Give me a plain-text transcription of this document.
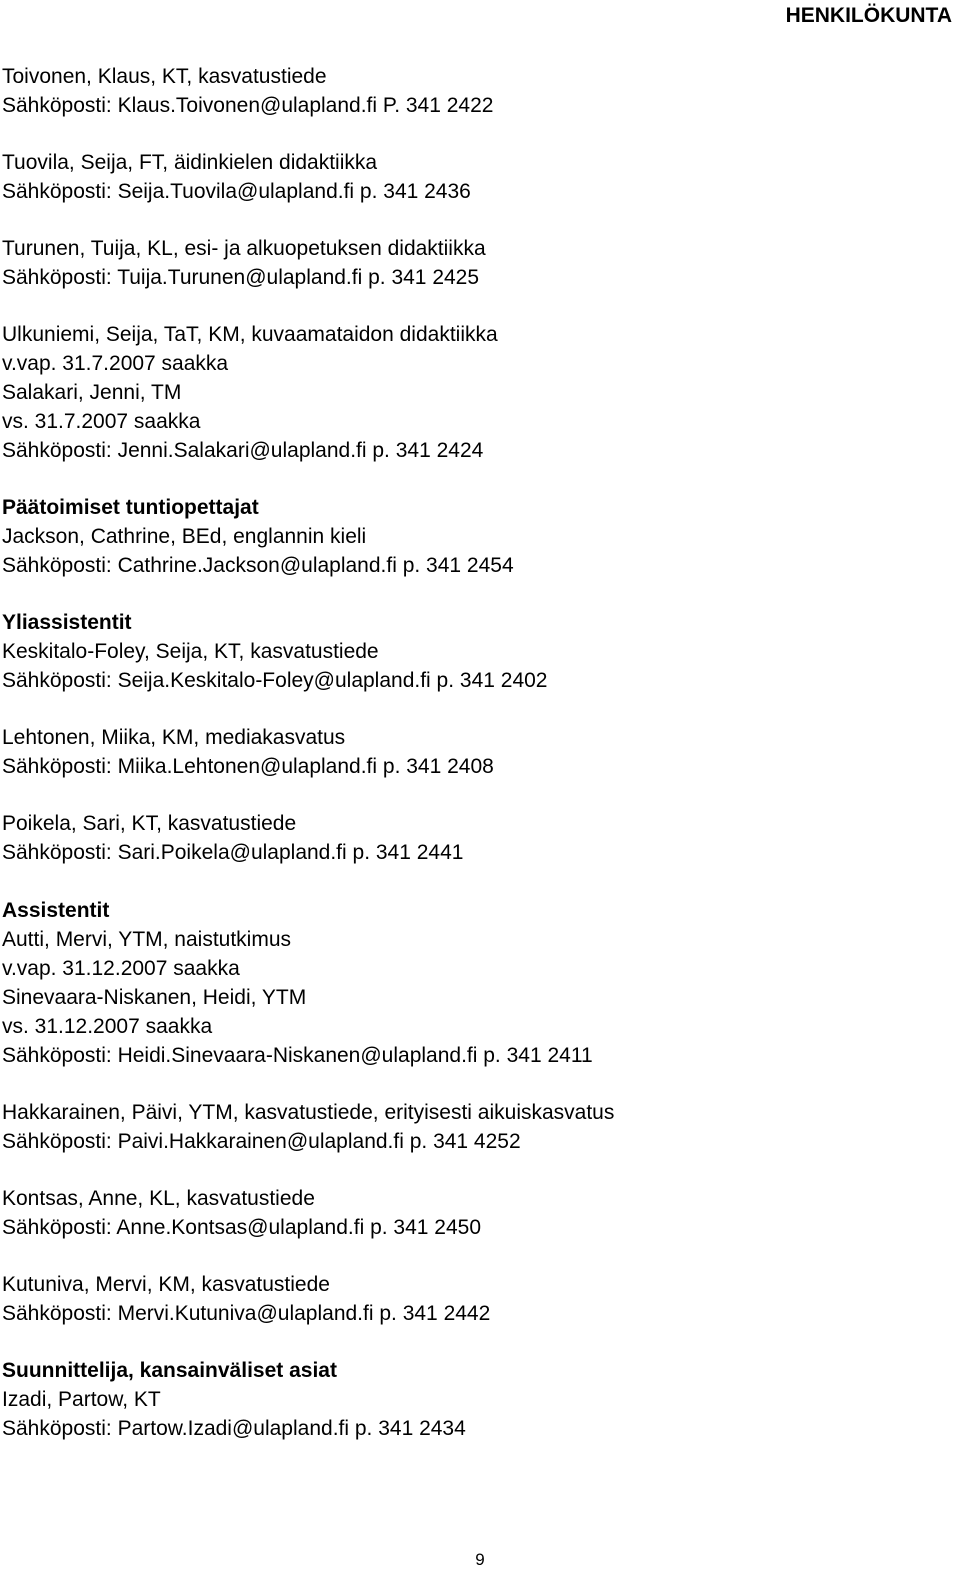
HENKILÖKUNTA
Toivonen, Klaus, KT, kasvatustiede
Sähköposti: Klaus.Toivonen@ulapland.fi P. 341 2422
Tuovila, Seija, FT, äidinkielen didaktiikka
Sähköposti: Seija.Tuovila@ulapland.fi p. 341 2436
Turunen, Tuija, KL, esi- ja alkuopetuksen didaktiikka
Sähköposti: Tuija.Turunen@ulapland.fi p. 341 2425
Ulkuniemi, Seija, TaT, KM, kuvaamataidon didaktiikka
v.vap. 31.7.2007 saakka
Salakari, Jenni, TM
vs. 31.7.2007 saakka
Sähköposti: Jenni.Salakari@ulapland.fi p. 341 2424
Päätoimiset tuntiopettajat
Jackson, Cathrine, BEd, englannin kieli
Sähköposti: Cathrine.Jackson@ulapland.fi p. 341 2454
Yliassistentit
Keskitalo-Foley, Seija, KT, kasvatustiede
Sähköposti: Seija.Keskitalo-Foley@ulapland.fi p. 341 2402
Lehtonen, Miika, KM, mediakasvatus
Sähköposti: Miika.Lehtonen@ulapland.fi p. 341 2408
Poikela, Sari, KT, kasvatustiede
Sähköposti: Sari.Poikela@ulapland.fi p. 341 2441
Assistentit
Autti, Mervi, YTM, naistutkimus
v.vap. 31.12.2007 saakka
Sinevaara-Niskanen, Heidi, YTM
vs. 31.12.2007 saakka
Sähköposti: Heidi.Sinevaara-Niskanen@ulapland.fi p. 341 2411
Hakkarainen, Päivi, YTM, kasvatustiede, erityisesti aikuiskasvatus
Sähköposti: Paivi.Hakkarainen@ulapland.fi p. 341 4252
Kontsas, Anne, KL, kasvatustiede
Sähköposti: Anne.Kontsas@ulapland.fi p. 341 2450
Kutuniva, Mervi, KM, kasvatustiede
Sähköposti: Mervi.Kutuniva@ulapland.fi p. 341 2442
Suunnittelija, kansainväliset asiat
Izadi, Partow, KT
Sähköposti: Partow.Izadi@ulapland.fi p. 341 2434
9
